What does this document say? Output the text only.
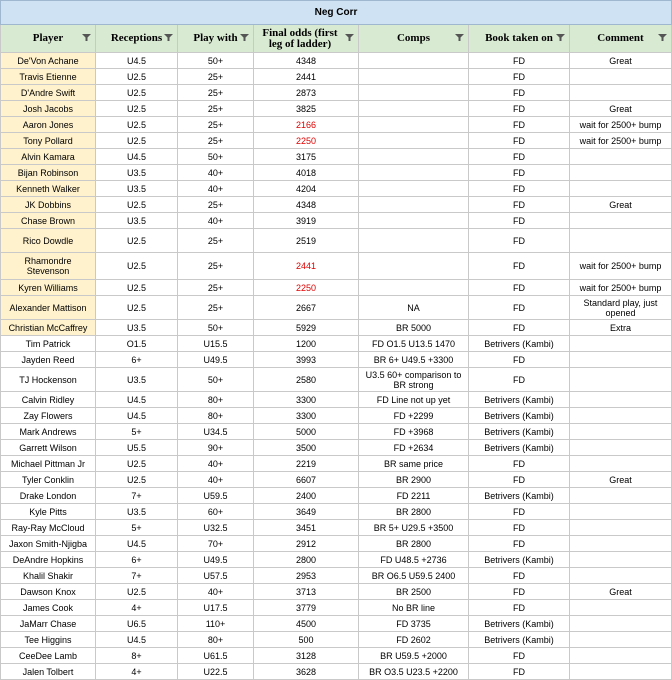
Neg Corr						
Player	Receptions	Play with	Final odds (first leg of ladder)	Comps	Book taken on	Comment

De'Von Achane	U4.5	50+	4348		FD	Great
Travis Etienne	U2.5	25+	2441		FD	
D'Andre Swift	U2.5	25+	2873		FD	
Josh Jacobs	U2.5	25+	3825		FD	Great
Aaron Jones	U2.5	25+	2166		FD	wait for 2500+ bump
Tony Pollard	U2.5	25+	2250		FD	wait for 2500+ bump
Alvin Kamara	U4.5	50+	3175		FD	
Bijan Robinson	U3.5	40+	4018		FD	
Kenneth Walker	U3.5	40+	4204		FD	
JK Dobbins	U2.5	25+	4348		FD	Great
Chase Brown	U3.5	40+	3919		FD	
Rico Dowdle	U2.5	25+	2519		FD	
Rhamondre Stevenson	U2.5	25+	2441		FD	wait for 2500+ bump
Kyren Williams	U2.5	25+	2250		FD	wait for 2500+ bump
Alexander Mattison	U2.5	25+	2667	NA	FD	Standard play, just opened
Christian McCaffrey	U3.5	50+	5929	BR 5000	FD	Extra
Tim Patrick	O1.5	U15.5	1200	FD O1.5 U13.5 1470	Betrivers (Kambi)	
Jayden Reed	6+	U49.5	3993	BR 6+ U49.5 +3300	FD	
TJ Hockenson	U3.5	50+	2580	U3.5 60+ comparison to BR strong	FD	
Calvin Ridley	U4.5	80+	3300	FD Line not up yet	Betrivers (Kambi)	
Zay Flowers	U4.5	80+	3300	FD +2299	Betrivers (Kambi)	
Mark Andrews	5+	U34.5	5000	FD +3968	Betrivers (Kambi)	
Garrett Wilson	U5.5	90+	3500	FD +2634	Betrivers (Kambi)	
Michael Pittman Jr	U2.5	40+	2219	BR same price	FD	
Tyler Conklin	U2.5	40+	6607	BR 2900	FD	Great
Drake London	7+	U59.5	2400	FD 2211	Betrivers (Kambi)	
Kyle Pitts	U3.5	60+	3649	BR 2800	FD	
Ray-Ray McCloud	5+	U32.5	3451	BR 5+ U29.5 +3500	FD	
Jaxon Smith-Njigba	U4.5	70+	2912	BR 2800	FD	
DeAndre Hopkins	6+	U49.5	2800	FD U48.5 +2736	Betrivers (Kambi)	
Khalil Shakir	7+	U57.5	2953	BR O6.5 U59.5 2400	FD	
Dawson Knox	U2.5	40+	3713	BR 2500	FD	Great
James Cook	4+	U17.5	3779	No BR line	FD	
JaMarr Chase	U6.5	110+	4500	FD 3735	Betrivers (Kambi)	
Tee Higgins	U4.5	80+	500	FD 2602	Betrivers (Kambi)	
CeeDee Lamb	8+	U61.5	3128	BR U59.5 +2000	FD	
Jalen Tolbert	4+	U22.5	3628	BR O3.5 U23.5 +2200	FD	
